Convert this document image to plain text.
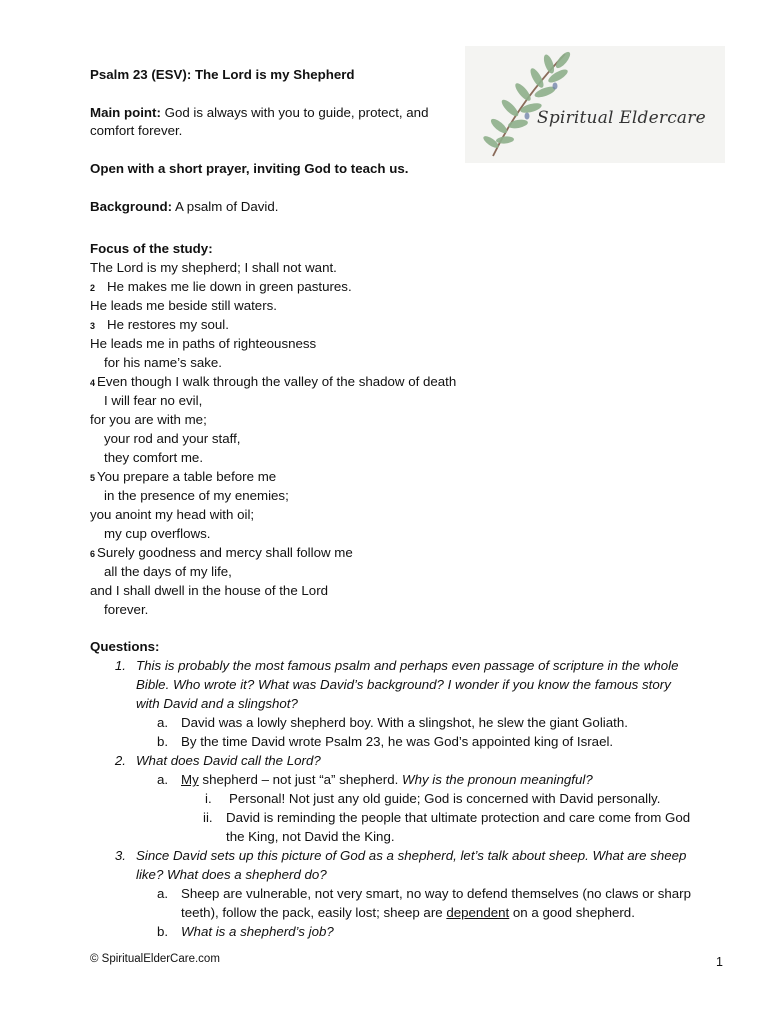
Psalm 23 (ESV): The Lord is my Shepherd
Spiritual Eldercare
Main point: God is always with you to guide, protect, and
comfort forever.
Open with a short prayer, inviting God to teach us.
Background: A psalm of David.
Focus of the study:
The Lord is my shepherd; I shall not want.
2 He makes me lie down in green pastures.
He leads me beside still waters.
3 He restores my soul.
He leads me in paths of righteousness
for his name’s sake.
4 Even though I walk through the valley of the shadow of death
I will fear no evil,
for you are with me;
your rod and your staff,
they comfort me.
5 You prepare a table before me
in the presence of my enemies;
you anoint my head with oil;
my cup overflows.
6 Surely goodness and mercy shall follow me
all the days of my life,
and I shall dwell in the house of the Lord
forever.
Questions:
1. This is probably the most famous psalm and perhaps even passage of scripture in the whole
Bible. Who wrote it? What was David’s background? I wonder if you know the famous story
with David and a slingshot?
a. David was a lowly shepherd boy. With a slingshot, he slew the giant Goliath.
b. By the time David wrote Psalm 23, he was God’s appointed king of Israel.
2. What does David call the Lord?
a. My shepherd – not just “a” shepherd. Why is the pronoun meaningful?
i. Personal! Not just any old guide; God is concerned with David personally.
ii. David is reminding the people that ultimate protection and care come from God
the King, not David the King.
3. Since David sets up this picture of God as a shepherd, let’s talk about sheep. What are sheep
like? What does a shepherd do?
a. Sheep are vulnerable, not very smart, no way to defend themselves (no claws or sharp
teeth), follow the pack, easily lost; sheep are dependent on a good shepherd.
b. What is a shepherd’s job?
© SpiritualElderCare.com	1
